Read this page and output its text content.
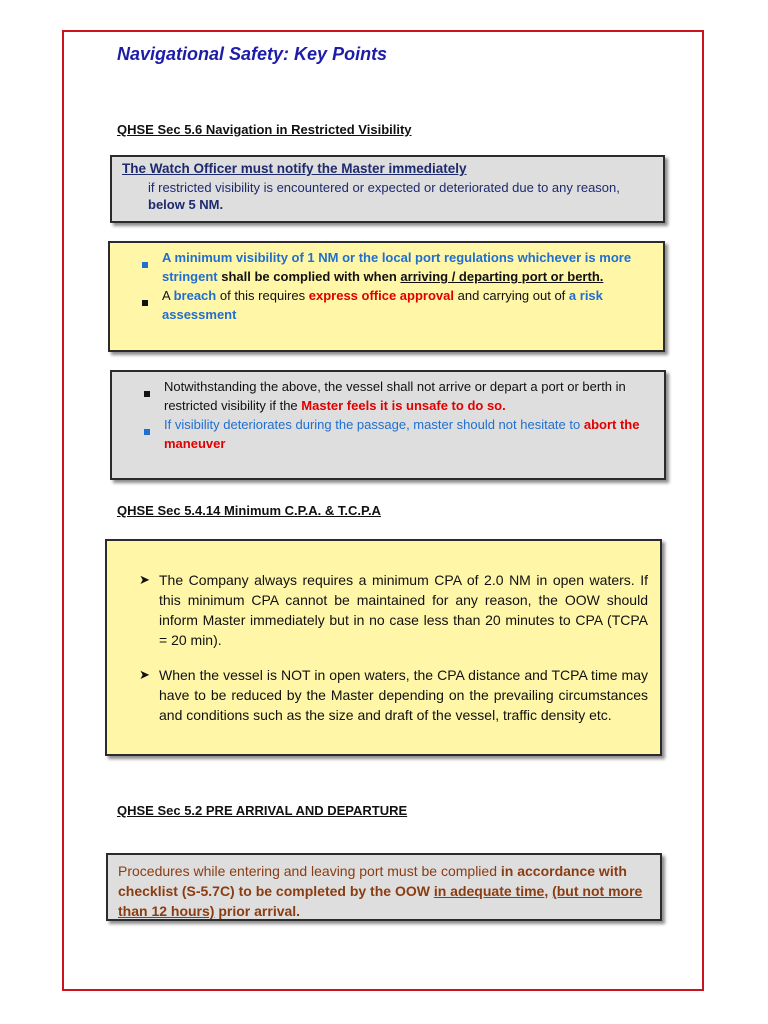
Navigational Safety: Key Points
QHSE Sec 5.6 Navigation in Restricted Visibility
The Watch Officer must notify the Master immediately
if restricted visibility is encountered or expected or deteriorated due to any reason, below 5 NM.
A minimum visibility of 1 NM or the local port regulations whichever is more stringent shall be complied with when arriving / departing port or berth.
A breach of this requires express office approval and carrying out of a risk assessment
Notwithstanding the above, the vessel shall not arrive or depart a port or berth in restricted visibility if the Master feels it is unsafe to do so.
If visibility deteriorates during the passage, master should not hesitate to abort the maneuver
QHSE Sec 5.4.14 Minimum C.P.A. & T.C.P.A
➤ The Company always requires a minimum CPA of 2.0 NM in open waters. If this minimum CPA cannot be maintained for any reason, the OOW should inform Master immediately but in no case less than 20 minutes to CPA (TCPA = 20 min).
➤ When the vessel is NOT in open waters, the CPA distance and TCPA time may have to be reduced by the Master depending on the prevailing circumstances and conditions such as the size and draft of the vessel, traffic density etc.
QHSE Sec 5.2 PRE ARRIVAL AND DEPARTURE
Procedures while entering and leaving port must be complied in accordance with checklist (S-5.7C) to be completed by the OOW in adequate time, (but not more than 12 hours) prior arrival.
